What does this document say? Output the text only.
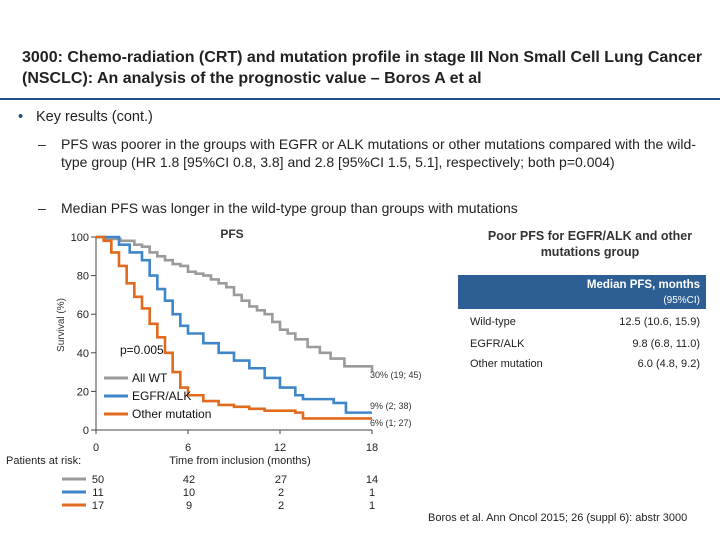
3000: Chemo-radiation (CRT) and mutation profile in stage III Non Small Cell Lung Cancer (NSCLC): An analysis of the prognostic value – Boros A et al
• Key results (cont.)
–	PFS was poorer in the groups with EGFR or ALK mutations or other mutations compared with the wild-type group (HR 1.8 [95%CI 0.8, 3.8] and 2.8 [95%CI 1.5, 5.1], respectively; both p=0.004)
–	Median PFS was longer in the wild-type group than groups with mutations
PFS
Survival (%)	p=0.005
0
20
40
60
80
100
0	6	12	18
30% (19; 45)
9% (2; 38)
6% (1; 27)
All WT
EGFR/ALK
Other mutation
Time from inclusion (months)
Patients at risk:
50	42	27	14
11	10	2	1
17	9	2	1
Poor PFS for EGFR/ALK and other mutations group
Median PFS, months
(95%CI)
Wild-type	12.5 (10.6, 15.9)
EGFR/ALK	9.8 (6.8, 11.0)
Other mutation	6.0 (4.8, 9.2)
Boros et al. Ann Oncol 2015; 26 (suppl 6): abstr 3000
